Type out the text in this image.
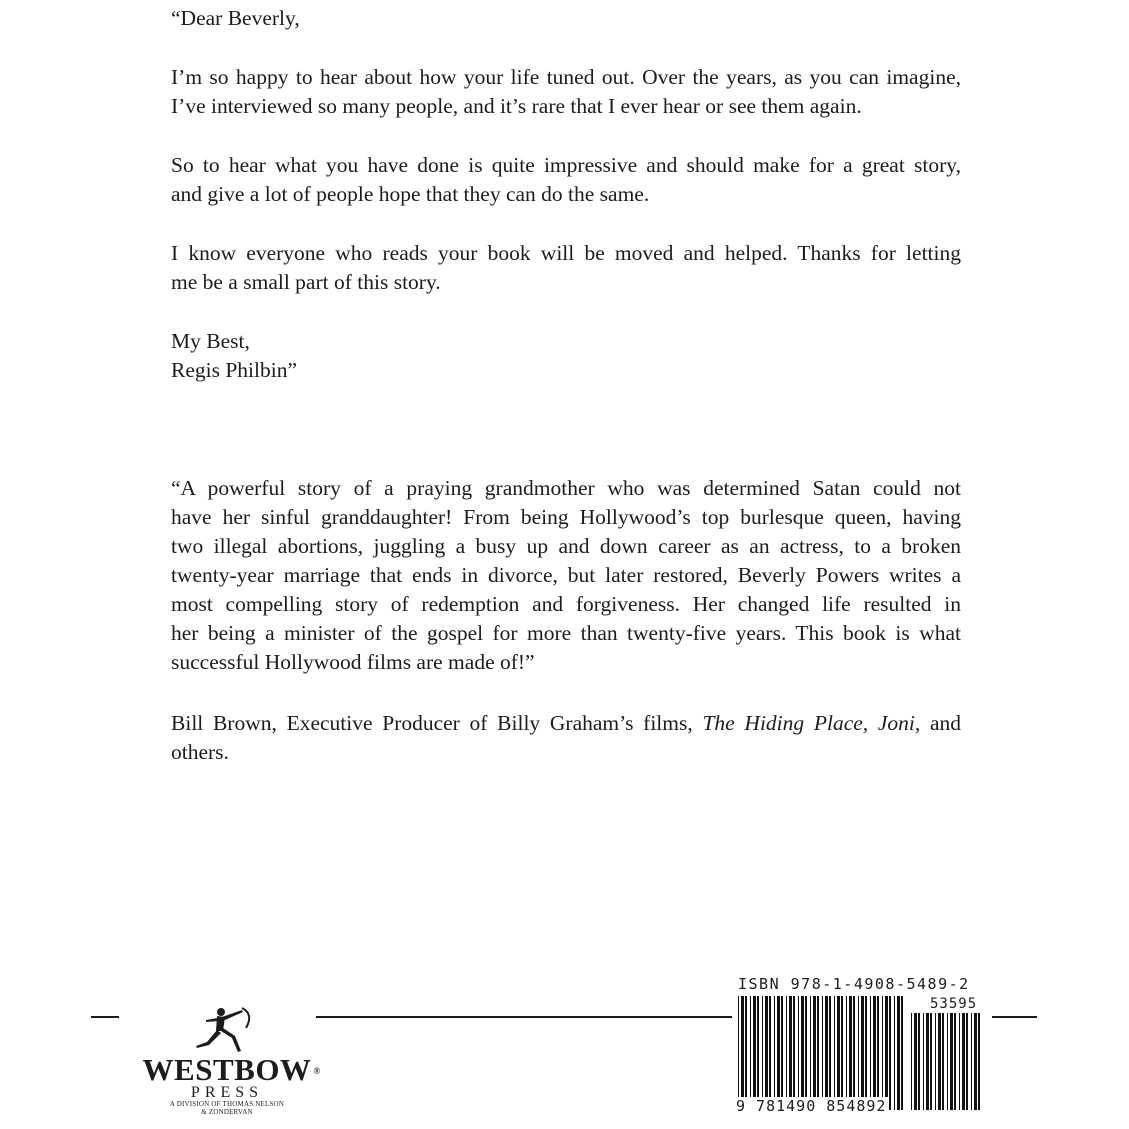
“Dear Beverly,
I’m so happy to hear about how your life tuned out. Over the years, as you can imagine,
I’ve interviewed so many people, and it’s rare that I ever hear or see them again.
So to hear what you have done is quite impressive and should make for a great story,
and give a lot of people hope that they can do the same.
I know everyone who reads your book will be moved and helped. Thanks for letting
me be a small part of this story.
My Best,
Regis Philbin”
“A powerful story of a praying grandmother who was determined Satan could not
have her sinful granddaughter! From being Hollywood’s top burlesque queen, having
two illegal abortions, juggling a busy up and down career as an actress, to a broken
twenty-year marriage that ends in divorce, but later restored, Beverly Powers writes a
most compelling story of redemption and forgiveness. Her changed life resulted in
her being a minister of the gospel for more than twenty-five years. This book is what
successful Hollywood films are made of!”
Bill Brown, Executive Producer of Billy Graham’s films, The Hiding Place, Joni, and
others.
WESTBOW ®
PRESS
A DIVISION OF THOMAS NELSON
& ZONDERVAN
ISBN 978-1-4908-5489-2
53595
9 781490 854892
